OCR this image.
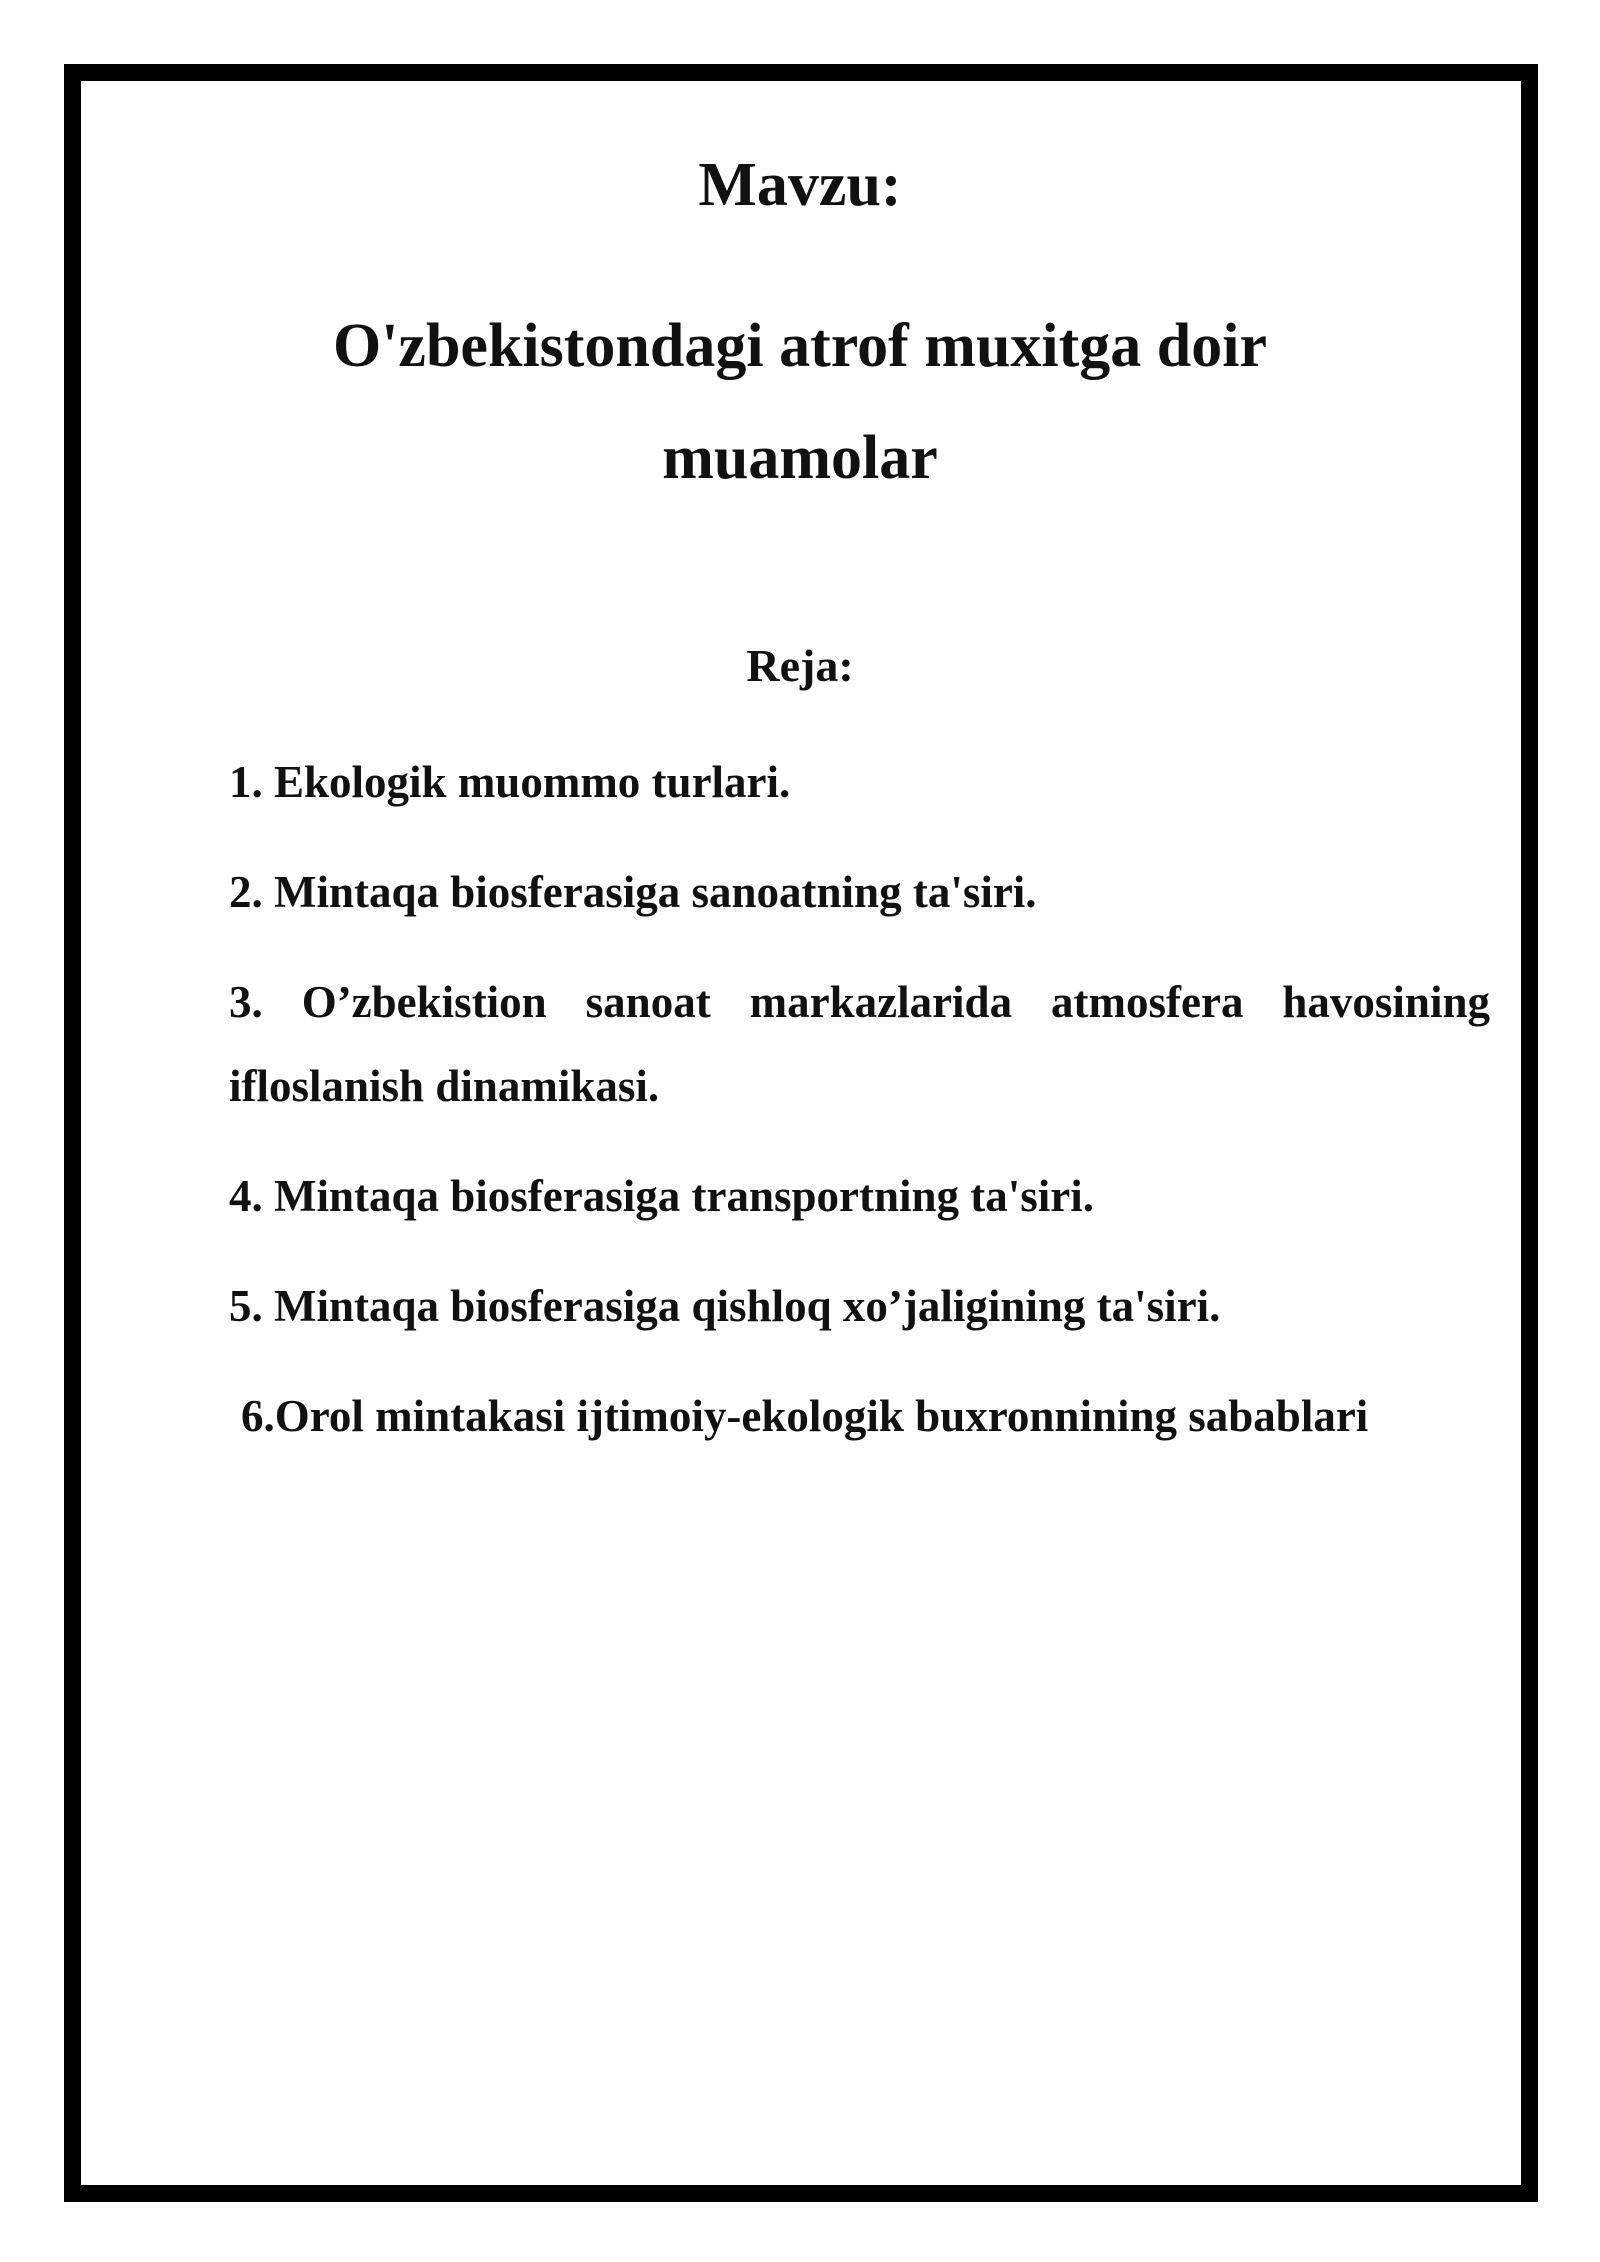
Mavzu:
O'zbekistondagi atrof muxitga doir muamolar
Reja:
1. Ekologik muommo turlari.
2. Mintaqa biosferasiga sanoatning ta'siri.
3. O’zbekistion sanoat markazlarida atmosfera havosining ifloslanish dinamikasi.
4. Mintaqa biosferasiga transportning ta'siri.
5. Mintaqa biosferasiga qishloq xo’jaligining ta'siri.
6.Orol mintakasi ijtimoiy-ekologik buxronnining sabablari
